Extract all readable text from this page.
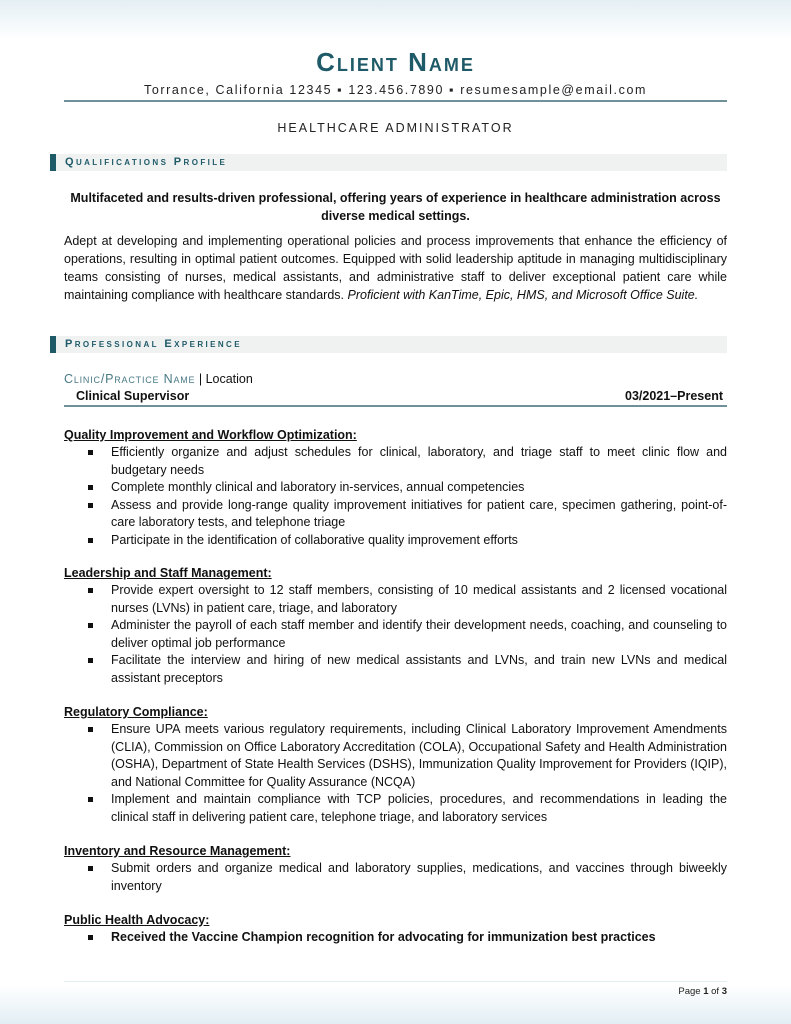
Client Name
Torrance, California 12345 ▪ 123.456.7890 ▪ resumesample@email.com
HEALTHCARE ADMINISTRATOR
Qualifications Profile
Multifaceted and results-driven professional, offering years of experience in healthcare administration across diverse medical settings.
Adept at developing and implementing operational policies and process improvements that enhance the efficiency of operations, resulting in optimal patient outcomes. Equipped with solid leadership aptitude in managing multidisciplinary teams consisting of nurses, medical assistants, and administrative staff to deliver exceptional patient care while maintaining compliance with healthcare standards. Proficient with KanTime, Epic, HMS, and Microsoft Office Suite.
Professional Experience
Clinic/Practice Name | Location
Clinical Supervisor	03/2021–Present
Quality Improvement and Workflow Optimization:
Efficiently organize and adjust schedules for clinical, laboratory, and triage staff to meet clinic flow and budgetary needs
Complete monthly clinical and laboratory in-services, annual competencies
Assess and provide long-range quality improvement initiatives for patient care, specimen gathering, point-of-care laboratory tests, and telephone triage
Participate in the identification of collaborative quality improvement efforts
Leadership and Staff Management:
Provide expert oversight to 12 staff members, consisting of 10 medical assistants and 2 licensed vocational nurses (LVNs) in patient care, triage, and laboratory
Administer the payroll of each staff member and identify their development needs, coaching, and counseling to deliver optimal job performance
Facilitate the interview and hiring of new medical assistants and LVNs, and train new LVNs and medical assistant preceptors
Regulatory Compliance:
Ensure UPA meets various regulatory requirements, including Clinical Laboratory Improvement Amendments (CLIA), Commission on Office Laboratory Accreditation (COLA), Occupational Safety and Health Administration (OSHA), Department of State Health Services (DSHS), Immunization Quality Improvement for Providers (IQIP), and National Committee for Quality Assurance (NCQA)
Implement and maintain compliance with TCP policies, procedures, and recommendations in leading the clinical staff in delivering patient care, telephone triage, and laboratory services
Inventory and Resource Management:
Submit orders and organize medical and laboratory supplies, medications, and vaccines through biweekly inventory
Public Health Advocacy:
Received the Vaccine Champion recognition for advocating for immunization best practices
Page 1 of 3
